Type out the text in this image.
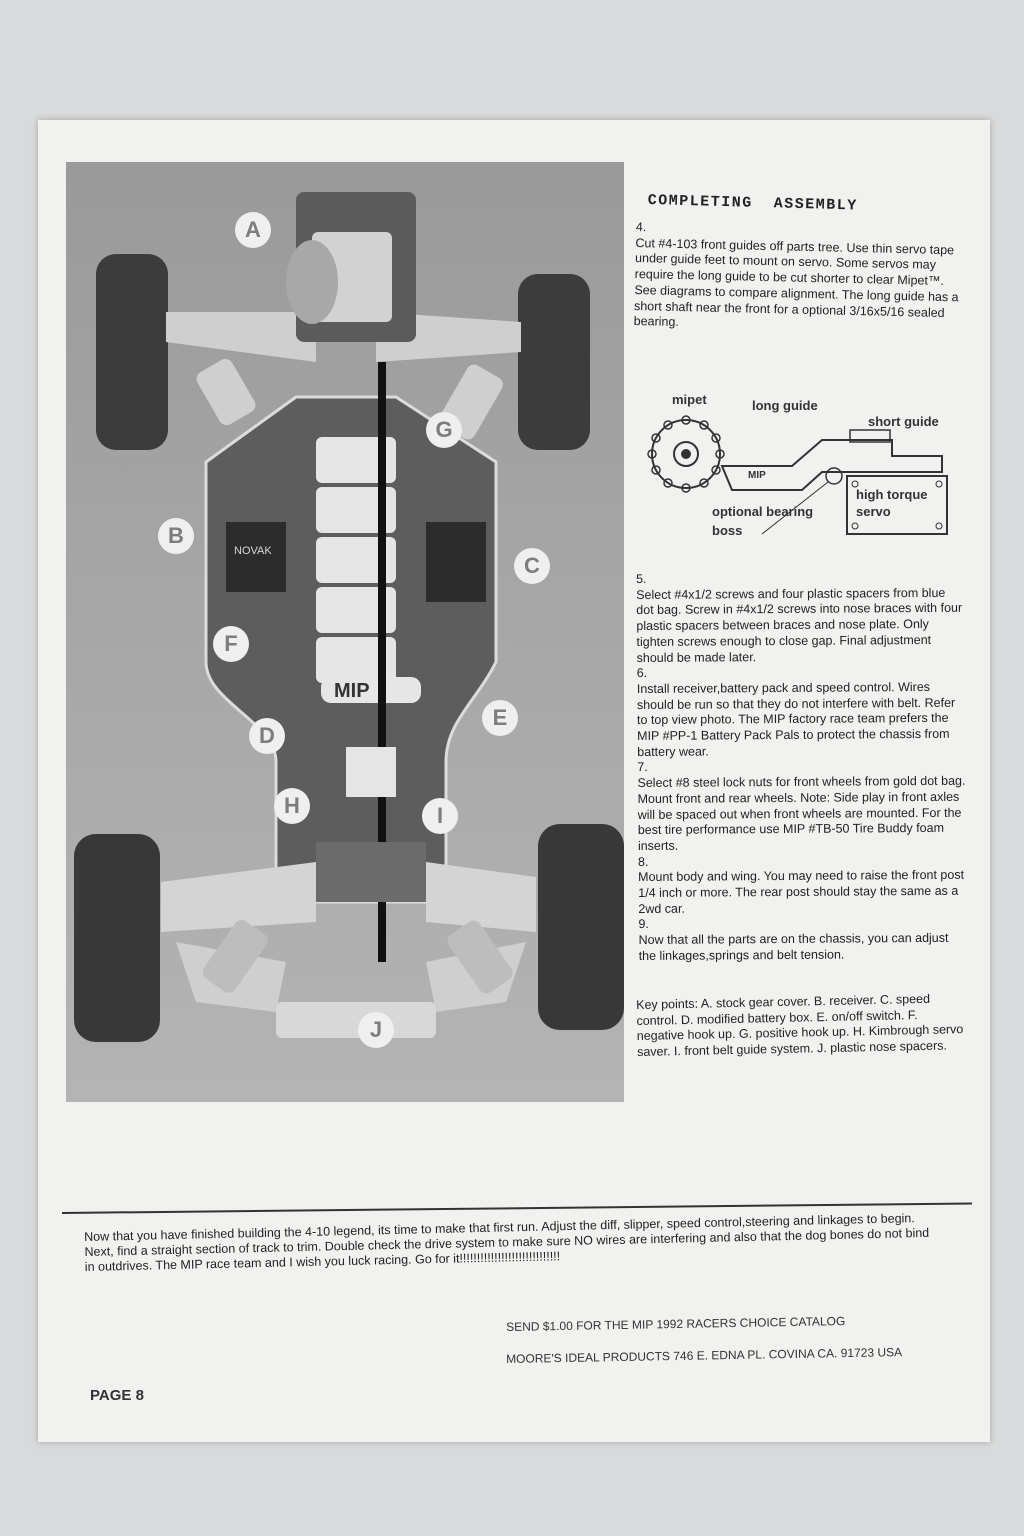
NOVAK
MIP
A
B
C
D
E
F
G
H	I
J
COMPLETING  ASSEMBLY

4.

Cut #4-103 front guides off parts tree. Use thin servo tape under guide feet to mount on servo. Some servos may require the long guide to be cut shorter to clear Mipet™. See diagrams to compare alignment. The long guide has a short shaft near the front for a optional 3/16x5/16 sealed bearing.

mipet	long guide
short guide
MIP
high torque servo
optional bearing boss

5.

Select #4x1/2 screws and four plastic spacers from blue dot bag. Screw in #4x1/2 screws into nose braces with four plastic spacers between braces and nose plate. Only tighten screws enough to close gap. Final adjustment should be made later.

6.

Install receiver,battery pack and speed control. Wires should be run so that they do not interfere with belt. Refer to top view photo. The MIP factory race team prefers the MIP #PP-1 Battery Pack Pals to protect the chassis from battery wear.

7.

Select #8 steel lock nuts for front wheels from gold dot bag. Mount front and rear wheels. Note: Side play in front axles will be spaced out when front wheels are mounted. For the best tire performance use MIP #TB-50 Tire Buddy foam inserts.

8.

Mount body and wing. You may need to raise the front post 1/4 inch or more. The rear post should stay the same as a 2wd car.

9.

Now that all the parts are on the chassis, you can adjust the linkages,springs and belt tension.

Key points: A. stock gear cover. B. receiver. C. speed control. D. modified battery box. E. on/off switch. F. negative hook up. G. positive hook up. H. Kimbrough servo saver. I. front belt guide system. J. plastic nose spacers.

Now that you have finished building the 4-10 legend, its time to make that first run. Adjust the diff, slipper, speed control,steering and linkages to begin. Next, find a straight section of track to trim. Double check the drive system to make sure NO wires are interfering and also that the dog bones do not bind in outdrives. The MIP race team and I wish you luck racing. Go for it!!!!!!!!!!!!!!!!!!!!!!!!!!!!!
SEND $1.00 FOR THE MIP 1992 RACERS CHOICE CATALOG
MOORE'S IDEAL PRODUCTS 746 E. EDNA PL. COVINA CA. 91723 USA
PAGE 8
